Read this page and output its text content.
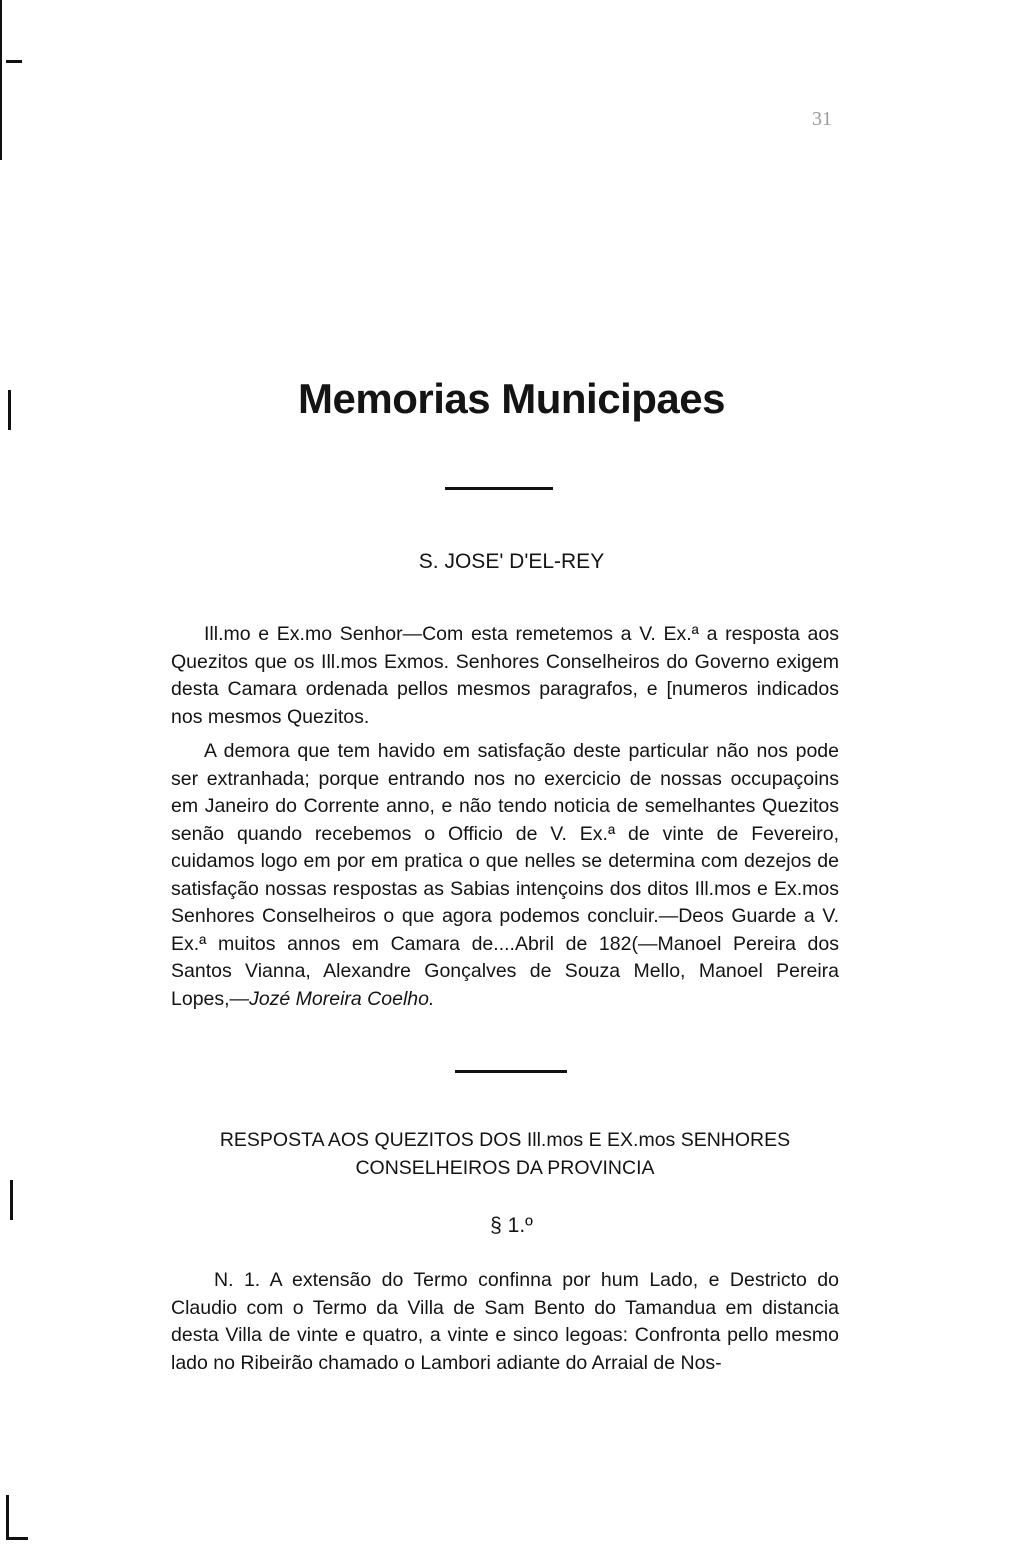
31
Memorias Municipaes
S. JOSE' D'EL-REY

Ill.mo e Ex.mo Senhor—Com esta remetemos a V. Ex.ª a resposta aos Quezitos que os Ill.mos Exmos. Senhores Conselheiros do Governo exigem desta Camara ordenada pellos mesmos paragrafos, e [numeros indicados nos mesmos Quezitos.

A demora que tem havido em satisfação deste particular não nos pode ser extranhada; porque entrando nos no exercicio de nossas occupaçoins em Janeiro do Corrente anno, e não tendo noticia de semelhantes Quezitos senão quando recebemos o Officio de V. Ex.ª de vinte de Fevereiro, cuidamos logo em por em pratica o que nelles se determina com dezejos de satisfação nossas respostas as Sabias intençoins dos ditos Ill.mos e Ex.mos Senhores Conselheiros o que agora podemos concluir.—Deos Guarde a V. Ex.ª muitos annos em Camara de....Abril de 182(—Manoel Pereira dos Santos Vianna, Alexandre Gonçalves de Souza Mello, Manoel Pereira Lopes,—Jozé Moreira Coelho.

RESPOSTA AOS QUEZITOS DOS Ill.mos E EX.mos SENHORES CONSELHEIROS DA PROVINCIA

§ 1.º

N. 1. A extensão do Termo confinna por hum Lado, e Destricto do Claudio com o Termo da Villa de Sam Bento do Tamandua em distancia desta Villa de vinte e quatro, a vinte e sinco legoas: Confronta pello mesmo lado no Ribeirão chamado o Lambori adiante do Arraial de Nos-
